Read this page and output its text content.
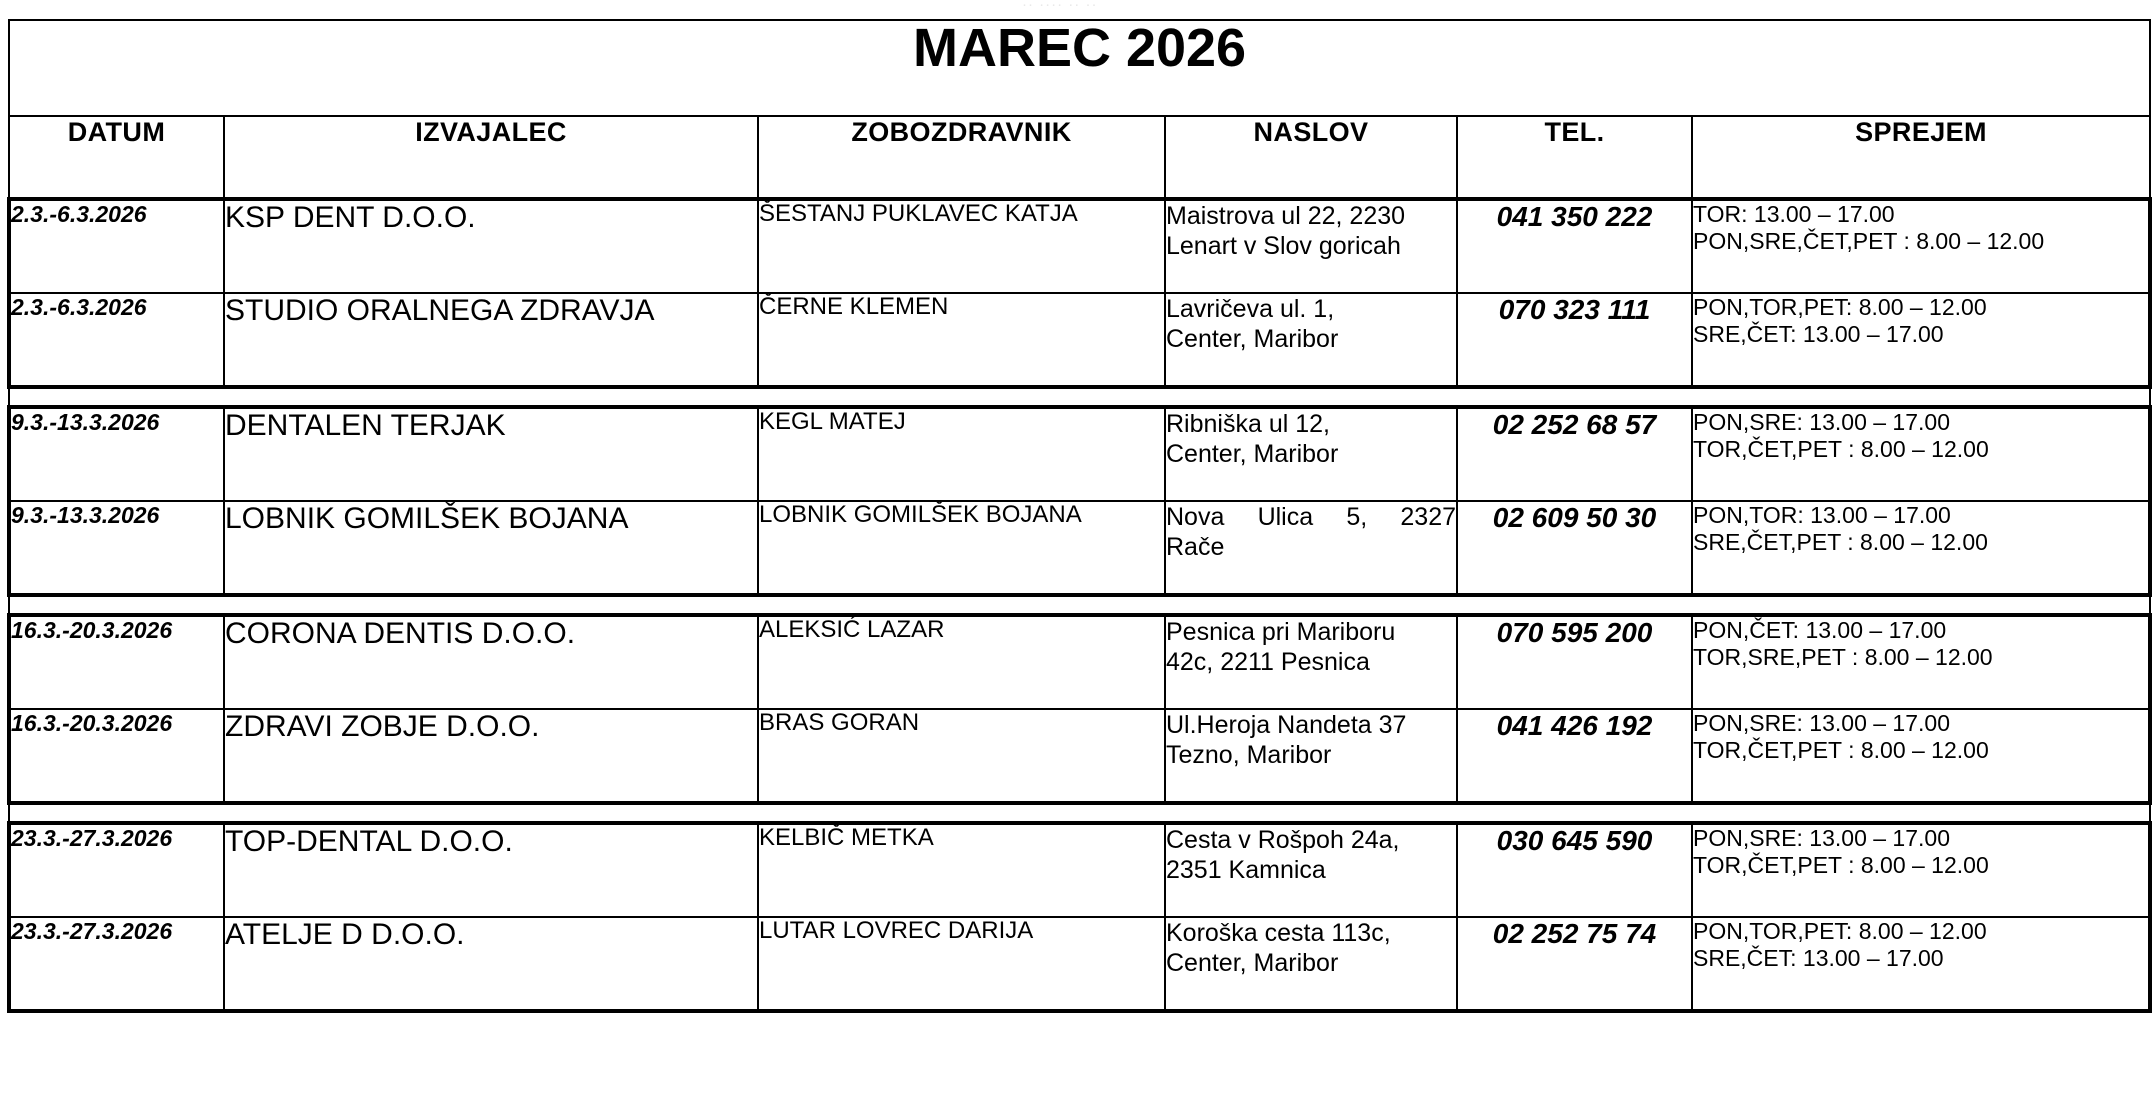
·· ···· ·· ··
MAREC 2026					

DATUM	IZVAJALEC	ZOBOZDRAVNIK	NASLOV	TEL.	SPREJEM

2.3.-6.3.2026	KSP DENT D.O.O.	ŠESTANJ PUKLAVEC KATJA	Maistrova ul 22, 2230
Lenart v Slov goricah	041 350 222	TOR: 13.00 – 17.00
PON,SRE,ČET,PET : 8.00 – 12.00

2.3.-6.3.2026	STUDIO ORALNEGA ZDRAVJA	ČERNE KLEMEN	Lavričeva ul. 1,
Center, Maribor	070 323 111	PON,TOR,PET: 8.00 – 12.00
SRE,ČET: 13.00 – 17.00

9.3.-13.3.2026	DENTALEN TERJAK	KEGL MATEJ	Ribniška ul 12,
Center, Maribor	02 252 68 57	PON,SRE: 13.00 – 17.00
TOR,ČET,PET : 8.00 – 12.00

9.3.-13.3.2026	LOBNIK GOMILŠEK BOJANA	LOBNIK GOMILŠEK BOJANA	Nova Ulica 5, 2327
Rače	02 609 50 30	PON,TOR: 13.00 – 17.00
SRE,ČET,PET : 8.00 – 12.00

16.3.-20.3.2026	CORONA DENTIS D.O.O.	ALEKSIĆ LAZAR	Pesnica pri Mariboru
42c, 2211 Pesnica	070 595 200	PON,ČET: 13.00 – 17.00
TOR,SRE,PET : 8.00 – 12.00

16.3.-20.3.2026	ZDRAVI ZOBJE D.O.O.	BRAS GORAN	Ul.Heroja Nandeta 37
Tezno, Maribor	041 426 192	PON,SRE: 13.00 – 17.00
TOR,ČET,PET : 8.00 – 12.00

23.3.-27.3.2026	TOP-DENTAL D.O.O.	KELBIČ METKA	Cesta v Rošpoh 24a,
2351 Kamnica	030 645 590	PON,SRE: 13.00 – 17.00
TOR,ČET,PET : 8.00 – 12.00

23.3.-27.3.2026	ATELJE D D.O.O.	LUTAR LOVREC DARIJA	Koroška cesta 113c,
Center, Maribor	02 252 75 74	PON,TOR,PET: 8.00 – 12.00
SRE,ČET: 13.00 – 17.00
